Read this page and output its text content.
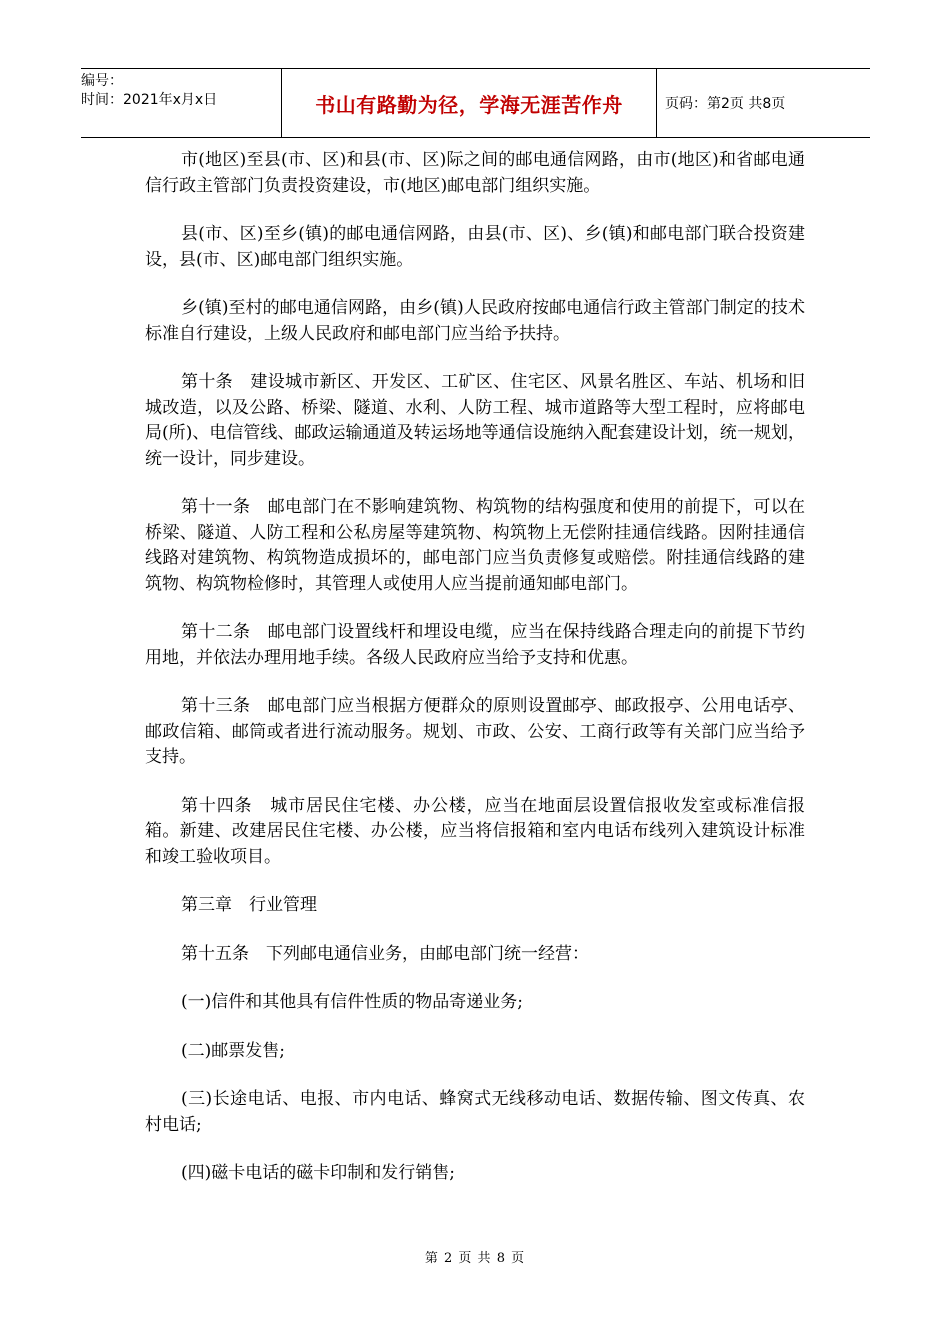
编号：
时间：2021年x月x日	书山有路勤为径，学海无涯苦作舟	页码：第2页 共8页

市(地区)至县(市、区)和县(市、区)际之间的邮电通信网路，由市(地区)和省邮电通信行政主管部门负责投资建设，市(地区)邮电部门组织实施。

县(市、区)至乡(镇)的邮电通信网路，由县(市、区)、乡(镇)和邮电部门联合投资建设，县(市、区)邮电部门组织实施。

乡(镇)至村的邮电通信网路，由乡(镇)人民政府按邮电通信行政主管部门制定的技术标准自行建设，上级人民政府和邮电部门应当给予扶持。

第十条　建设城市新区、开发区、工矿区、住宅区、风景名胜区、车站、机场和旧城改造，以及公路、桥梁、隧道、水利、人防工程、城市道路等大型工程时，应将邮电局(所)、电信管线、邮政运输通道及转运场地等通信设施纳入配套建设计划，统一规划，统一设计，同步建设。

第十一条　邮电部门在不影响建筑物、构筑物的结构强度和使用的前提下，可以在桥梁、隧道、人防工程和公私房屋等建筑物、构筑物上无偿附挂通信线路。因附挂通信线路对建筑物、构筑物造成损坏的，邮电部门应当负责修复或赔偿。附挂通信线路的建筑物、构筑物检修时，其管理人或使用人应当提前通知邮电部门。

第十二条　邮电部门设置线杆和埋设电缆，应当在保持线路合理走向的前提下节约用地，并依法办理用地手续。各级人民政府应当给予支持和优惠。

第十三条　邮电部门应当根据方便群众的原则设置邮亭、邮政报亭、公用电话亭、邮政信箱、邮筒或者进行流动服务。规划、市政、公安、工商行政等有关部门应当给予支持。

第十四条　城市居民住宅楼、办公楼，应当在地面层设置信报收发室或标准信报箱。新建、改建居民住宅楼、办公楼，应当将信报箱和室内电话布线列入建筑设计标准和竣工验收项目。

第三章　行业管理

第十五条　下列邮电通信业务，由邮电部门统一经营：

(一)信件和其他具有信件性质的物品寄递业务;

(二)邮票发售;

(三)长途电话、电报、市内电话、蜂窝式无线移动电话、数据传输、图文传真、农村电话;

(四)磁卡电话的磁卡印制和发行销售;

第 2 页 共 8 页
